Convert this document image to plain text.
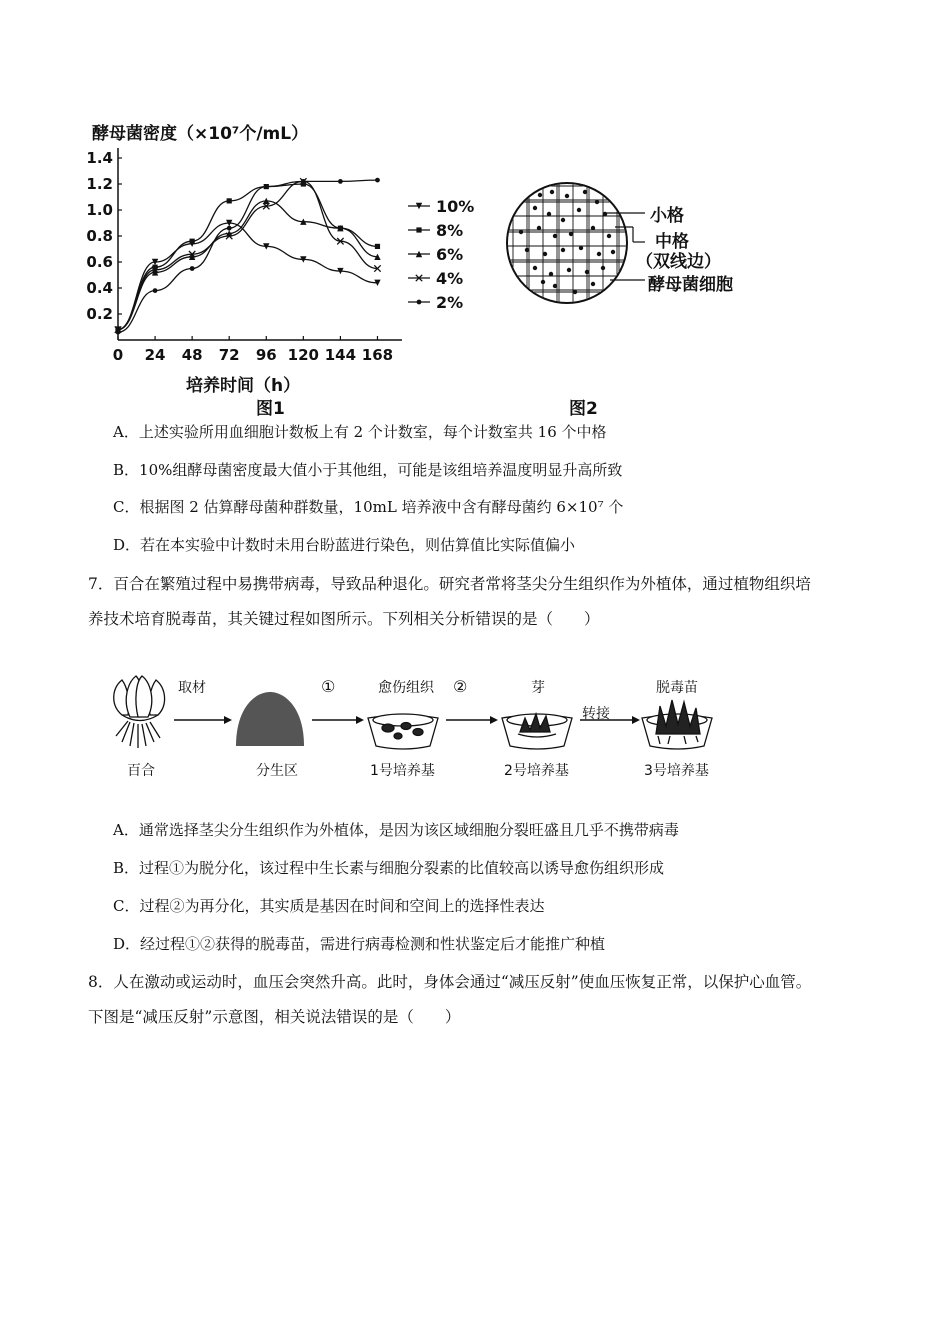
酵母菌密度（×10⁷个/mL）
0.2
0.4
0.6
0.8
1.0
1.2
1.4
0 24 48 72 96 120 144 168
10%
8%
6%
4%
2%
培养时间（h）
图1
小格
中格
（双线边）
酵母菌细胞
图2
A．上述实验所用血细胞计数板上有 2 个计数室，每个计数室共 16 个中格
B．10%组酵母菌密度最大值小于其他组，可能是该组培养温度明显升高所致
C．根据图 2 估算酵母菌种群数量，10mL 培养液中含有酵母菌约 6×10⁷ 个
D．若在本实验中计数时未用台盼蓝进行染色，则估算值比实际值偏小
7．百合在繁殖过程中易携带病毒，导致品种退化。研究者常将茎尖分生组织作为外植体，通过植物组织培
养技术培育脱毒苗，其关键过程如图所示。下列相关分析错误的是（　　）
取材	①	愈伤组织 ②	芽
转接
脱毒苗
百合	分生区	1号培养基	2号培养基	3号培养基
A．通常选择茎尖分生组织作为外植体，是因为该区域细胞分裂旺盛且几乎不携带病毒
B．过程①为脱分化，该过程中生长素与细胞分裂素的比值较高以诱导愈伤组织形成
C．过程②为再分化，其实质是基因在时间和空间上的选择性表达
D．经过程①②获得的脱毒苗，需进行病毒检测和性状鉴定后才能推广种植
8．人在激动或运动时，血压会突然升高。此时，身体会通过“减压反射”使血压恢复正常，以保护心血管。
下图是“减压反射”示意图，相关说法错误的是（　　）
